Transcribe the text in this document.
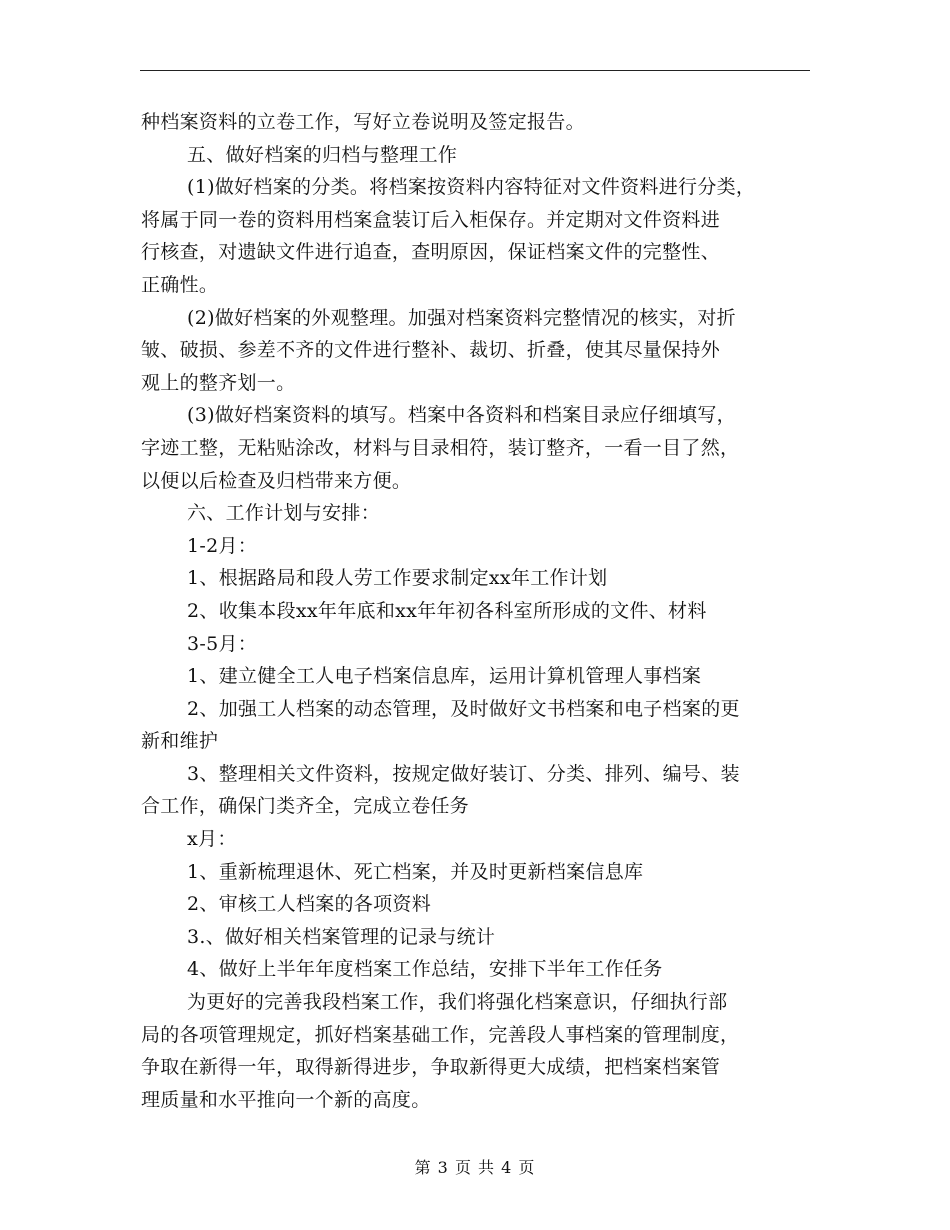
种档案资料的立卷工作，写好立卷说明及签定报告。
五、做好档案的归档与整理工作
(1)做好档案的分类。将档案按资料内容特征对文件资料进行分类，
将属于同一卷的资料用档案盒装订后入柜保存。并定期对文件资料进
行核查，对遗缺文件进行追查，查明原因，保证档案文件的完整性、
正确性。
(2)做好档案的外观整理。加强对档案资料完整情况的核实，对折
皱、破损、参差不齐的文件进行整补、裁切、折叠，使其尽量保持外
观上的整齐划一。
(3)做好档案资料的填写。档案中各资料和档案目录应仔细填写，
字迹工整，无粘贴涂改，材料与目录相符，装订整齐，一看一目了然，
以便以后检查及归档带来方便。
六、工作计划与安排：
1-2月：
1、根据路局和段人劳工作要求制定xx年工作计划
2、收集本段xx年年底和xx年年初各科室所形成的文件、材料
3-5月：
1、建立健全工人电子档案信息库，运用计算机管理人事档案
2、加强工人档案的动态管理，及时做好文书档案和电子档案的更
新和维护
3、整理相关文件资料，按规定做好装订、分类、排列、编号、装
合工作，确保门类齐全，完成立卷任务
x月：
1、重新梳理退休、死亡档案，并及时更新档案信息库
2、审核工人档案的各项资料
3.、做好相关档案管理的记录与统计
4、做好上半年年度档案工作总结，安排下半年工作任务
为更好的完善我段档案工作，我们将强化档案意识，仔细执行部
局的各项管理规定，抓好档案基础工作，完善段人事档案的管理制度，
争取在新得一年，取得新得进步，争取新得更大成绩，把档案档案管
理质量和水平推向一个新的高度。
第 3 页 共 4 页
